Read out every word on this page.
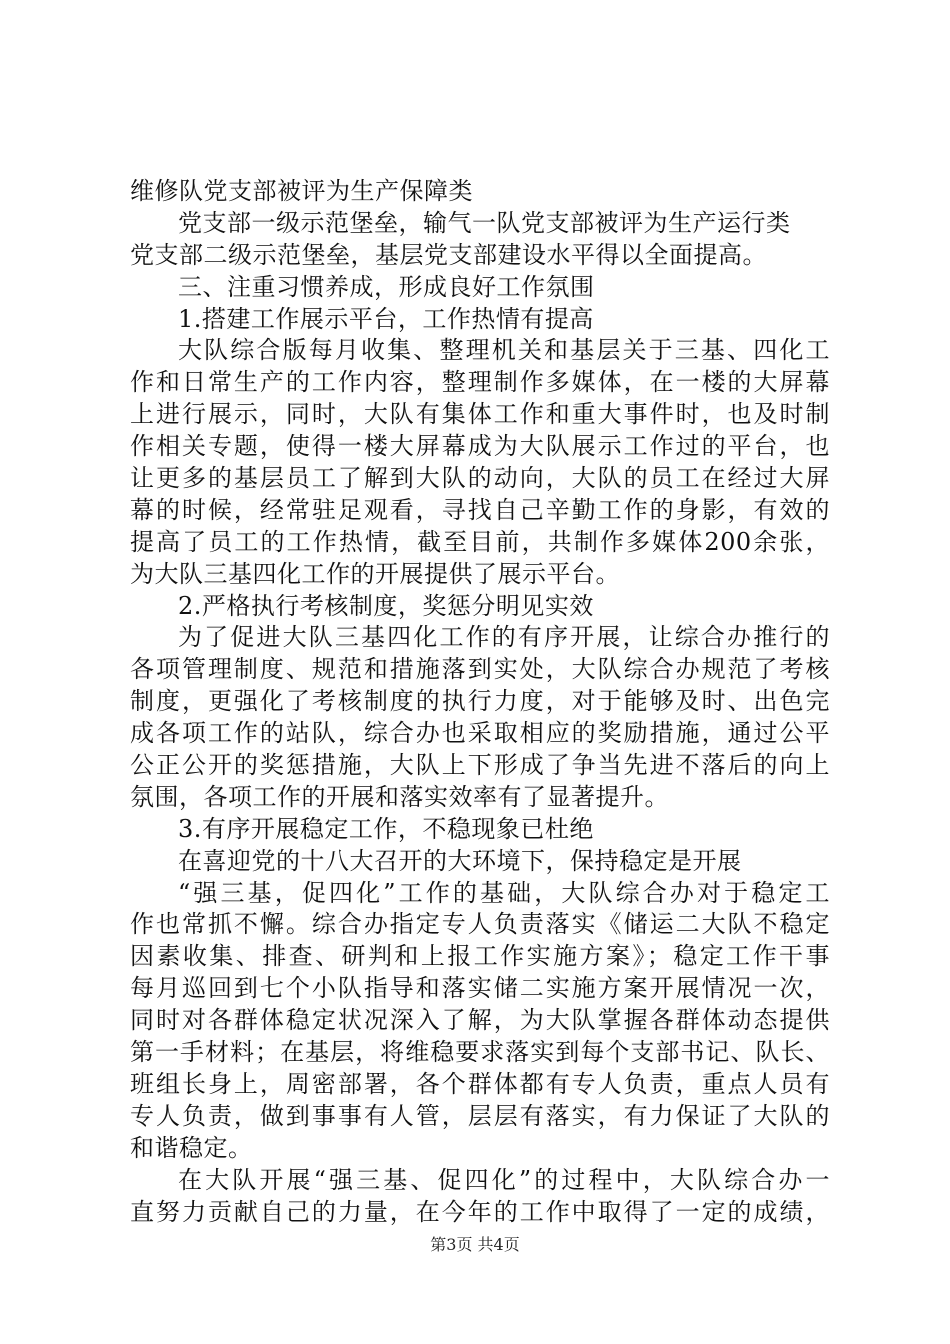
维修队党支部被评为生产保障类
党支部一级示范堡垒，输气一队党支部被评为生产运行类
党支部二级示范堡垒，基层党支部建设水平得以全面提高。
三、注重习惯养成，形成良好工作氛围
1.搭建工作展示平台，工作热情有提高
大队综合版每月收集、整理机关和基层关于三基、四化工
作和日常生产的工作内容，整理制作多媒体，在一楼的大屏幕
上进行展示，同时，大队有集体工作和重大事件时，也及时制
作相关专题，使得一楼大屏幕成为大队展示工作过的平台，也
让更多的基层员工了解到大队的动向，大队的员工在经过大屏
幕的时候，经常驻足观看，寻找自己辛勤工作的身影，有效的
提高了员工的工作热情，截至目前，共制作多媒体200余张，
为大队三基四化工作的开展提供了展示平台。
2.严格执行考核制度，奖惩分明见实效
为了促进大队三基四化工作的有序开展，让综合办推行的
各项管理制度、规范和措施落到实处，大队综合办规范了考核
制度，更强化了考核制度的执行力度，对于能够及时、出色完
成各项工作的站队，综合办也采取相应的奖励措施，通过公平
公正公开的奖惩措施，大队上下形成了争当先进不落后的向上
氛围，各项工作的开展和落实效率有了显著提升。
3.有序开展稳定工作，不稳现象已杜绝
在喜迎党的十八大召开的大环境下，保持稳定是开展
“强三基，促四化”工作的基础，大队综合办对于稳定工
作也常抓不懈。综合办指定专人负责落实《储运二大队不稳定
因素收集、排查、研判和上报工作实施方案》；稳定工作干事
每月巡回到七个小队指导和落实储二实施方案开展情况一次，
同时对各群体稳定状况深入了解，为大队掌握各群体动态提供
第一手材料；在基层，将维稳要求落实到每个支部书记、队长、
班组长身上，周密部署，各个群体都有专人负责，重点人员有
专人负责，做到事事有人管，层层有落实，有力保证了大队的
和谐稳定。
在大队开展“强三基、促四化”的过程中，大队综合办一
直努力贡献自己的力量，在今年的工作中取得了一定的成绩，
第3页 共4页
